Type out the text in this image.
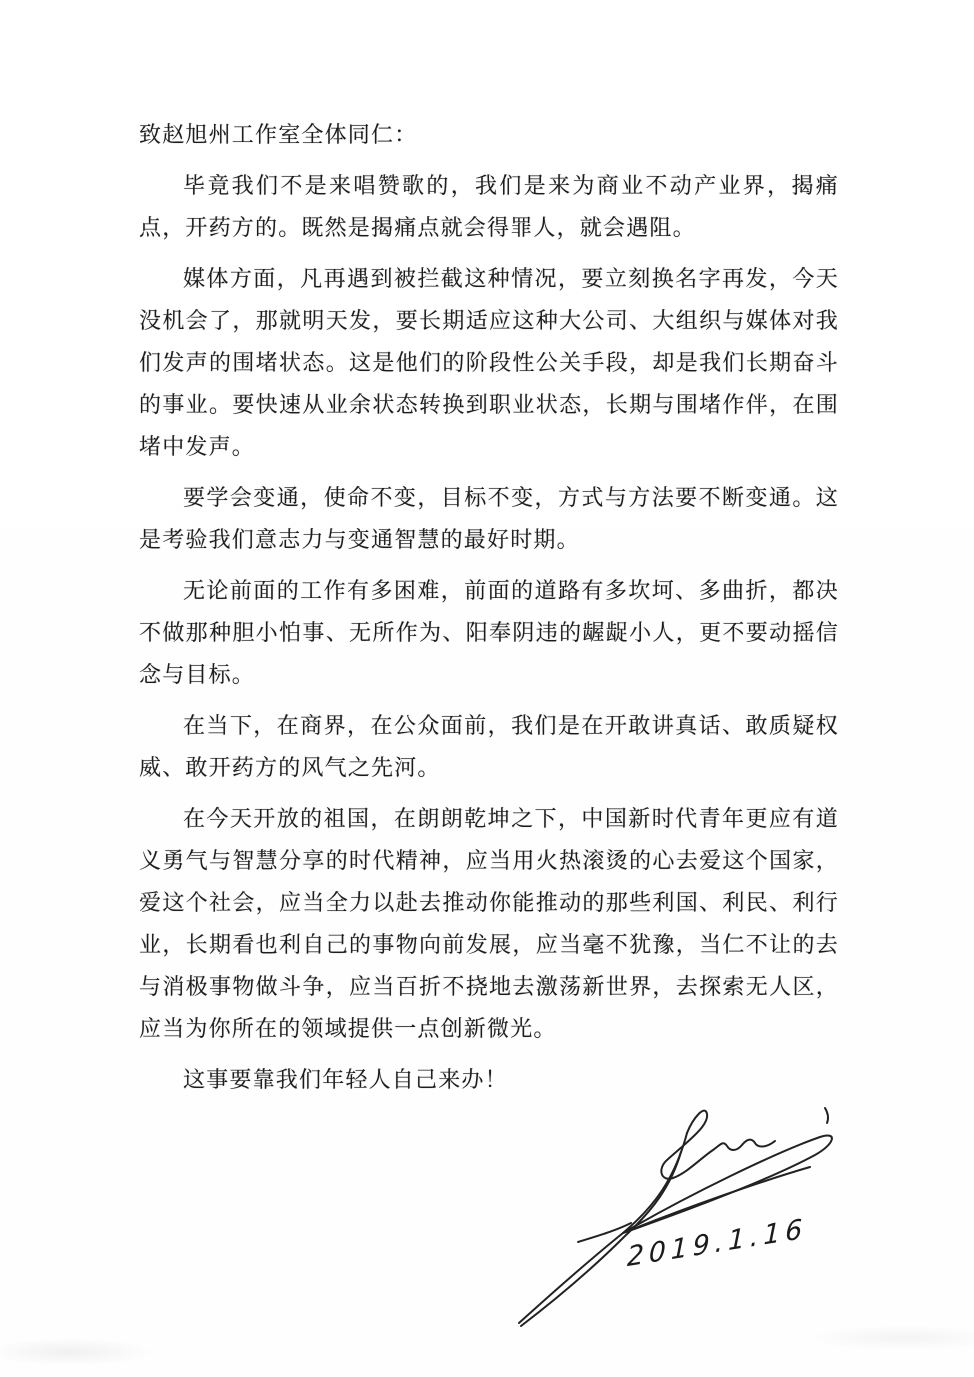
致赵旭州工作室全体同仁：

毕竟我们不是来唱赞歌的，我们是来为商业不动产业界，揭痛点，开药方的。既然是揭痛点就会得罪人，就会遇阻。

媒体方面，凡再遇到被拦截这种情况，要立刻换名字再发，今天没机会了，那就明天发，要长期适应这种大公司、大组织与媒体对我们发声的围堵状态。这是他们的阶段性公关手段，却是我们长期奋斗的事业。要快速从业余状态转换到职业状态，长期与围堵作伴，在围堵中发声。

要学会变通，使命不变，目标不变，方式与方法要不断变通。这是考验我们意志力与变通智慧的最好时期。

无论前面的工作有多困难，前面的道路有多坎坷、多曲折，都决不做那种胆小怕事、无所作为、阳奉阴违的龌龊小人，更不要动摇信念与目标。

在当下，在商界，在公众面前，我们是在开敢讲真话、敢质疑权威、敢开药方的风气之先河。

在今天开放的祖国，在朗朗乾坤之下，中国新时代青年更应有道义勇气与智慧分享的时代精神，应当用火热滚烫的心去爱这个国家，爱这个社会，应当全力以赴去推动你能推动的那些利国、利民、利行业，长期看也利自己的事物向前发展，应当毫不犹豫，当仁不让的去与消极事物做斗争，应当百折不挠地去激荡新世界，去探索无人区，应当为你所在的领域提供一点创新微光。

这事要靠我们年轻人自己来办！

2019.1.16
